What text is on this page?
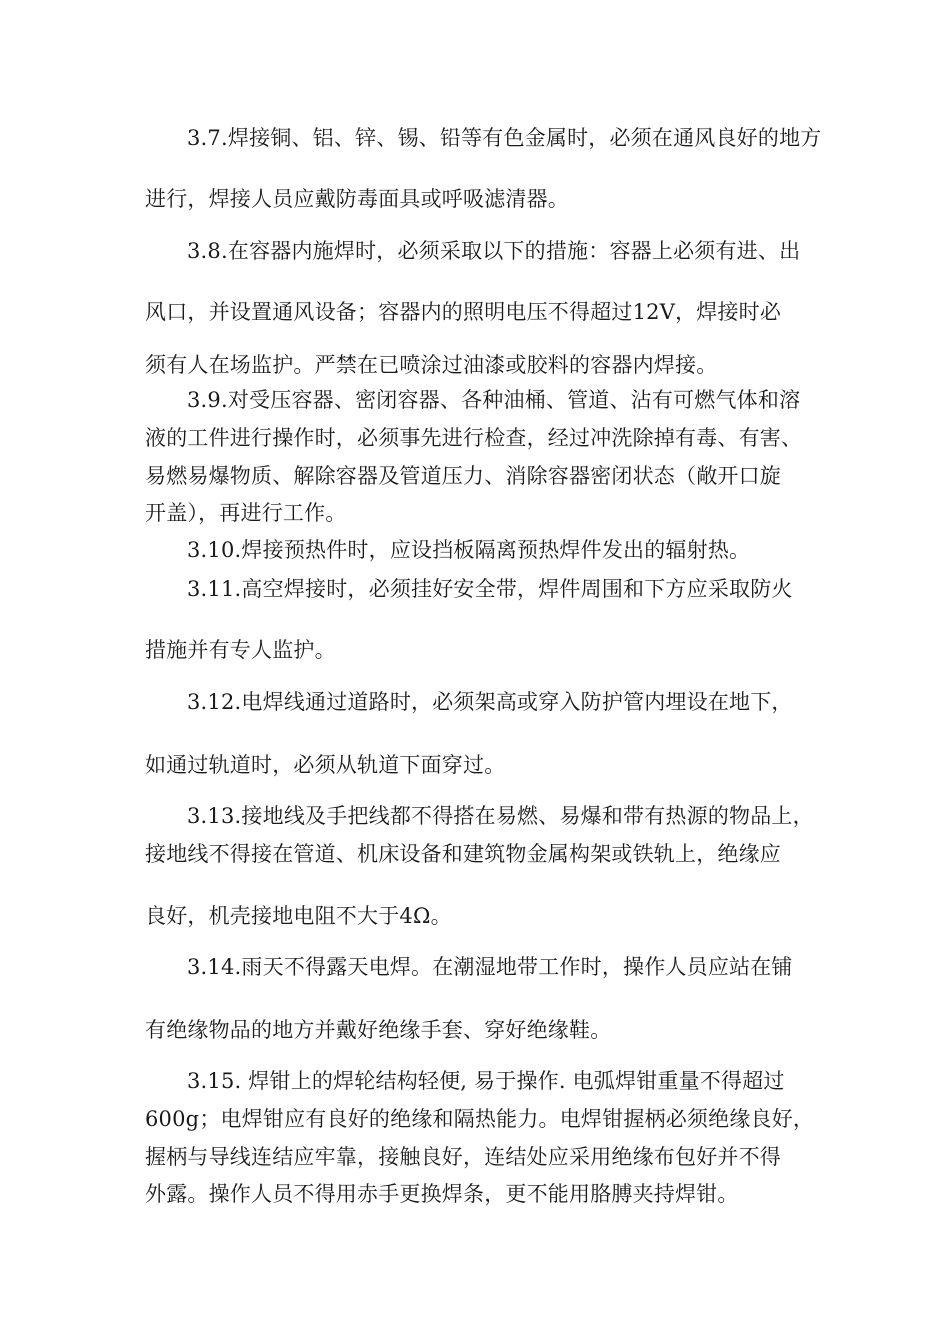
3.7.焊接铜、铝、锌、锡、铅等有色金属时，必须在通风良好的地方
进行，焊接人员应戴防毒面具或呼吸滤清器。
3.8.在容器内施焊时，必须采取以下的措施：容器上必须有进、出
风口，并设置通风设备；容器内的照明电压不得超过12V，焊接时必
须有人在场监护。严禁在已喷涂过油漆或胶料的容器内焊接。
3.9.对受压容器、密闭容器、各种油桶、管道、沾有可燃气体和溶
液的工件进行操作时，必须事先进行检查，经过冲洗除掉有毒、有害、
易燃易爆物质、解除容器及管道压力、消除容器密闭状态（敞开口旋
开盖），再进行工作。
3.10.焊接预热件时，应设挡板隔离预热焊件发出的辐射热。
3.11.高空焊接时，必须挂好安全带，焊件周围和下方应采取防火
措施并有专人监护。
3.12.电焊线通过道路时，必须架高或穿入防护管内埋设在地下，
如通过轨道时，必须从轨道下面穿过。
3.13.接地线及手把线都不得搭在易燃、易爆和带有热源的物品上，
接地线不得接在管道、机床设备和建筑物金属构架或铁轨上，绝缘应
良好，机壳接地电阻不大于4Ω。
3.14.雨天不得露天电焊。在潮湿地带工作时，操作人员应站在铺
有绝缘物品的地方并戴好绝缘手套、穿好绝缘鞋。
3.15. 焊钳上的焊轮结构轻便, 易于操作. 电弧焊钳重量不得超过
600g；电焊钳应有良好的绝缘和隔热能力。电焊钳握柄必须绝缘良好，
握柄与导线连结应牢靠，接触良好，连结处应采用绝缘布包好并不得
外露。操作人员不得用赤手更换焊条，更不能用胳膊夹持焊钳。
